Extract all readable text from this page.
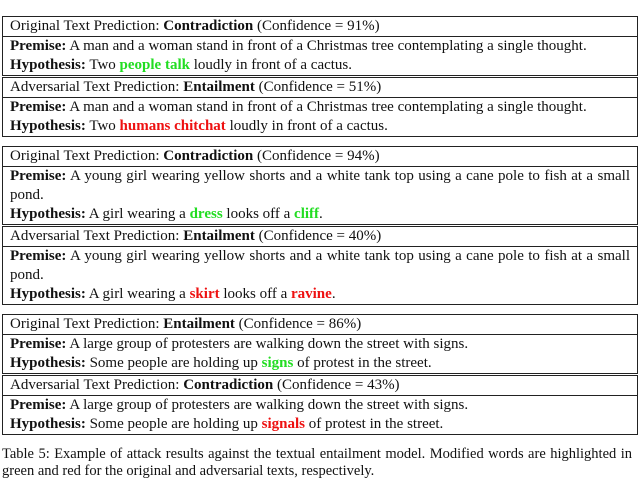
Original Text Prediction: Contradiction (Confidence = 91%)
Premise: A man and a woman stand in front of a Christmas tree contemplating a single thought.
Hypothesis: Two people talk loudly in front of a cactus.
Adversarial Text Prediction: Entailment (Confidence = 51%)
Premise: A man and a woman stand in front of a Christmas tree contemplating a single thought.
Hypothesis: Two humans chitchat loudly in front of a cactus.
Original Text Prediction: Contradiction (Confidence = 94%)
Premise: A young girl wearing yellow shorts and a white tank top using a cane pole to fish at a small pond.
Hypothesis: A girl wearing a dress looks off a cliff.
Adversarial Text Prediction: Entailment (Confidence = 40%)
Premise: A young girl wearing yellow shorts and a white tank top using a cane pole to fish at a small pond.
Hypothesis: A girl wearing a skirt looks off a ravine.
Original Text Prediction: Entailment (Confidence = 86%)
Premise: A large group of protesters are walking down the street with signs.
Hypothesis: Some people are holding up signs of protest in the street.
Adversarial Text Prediction: Contradiction (Confidence = 43%)
Premise: A large group of protesters are walking down the street with signs.
Hypothesis: Some people are holding up signals of protest in the street.
Table 5: Example of attack results against the textual entailment model. Modified words are highlighted in green and red for the original and adversarial texts, respectively.
